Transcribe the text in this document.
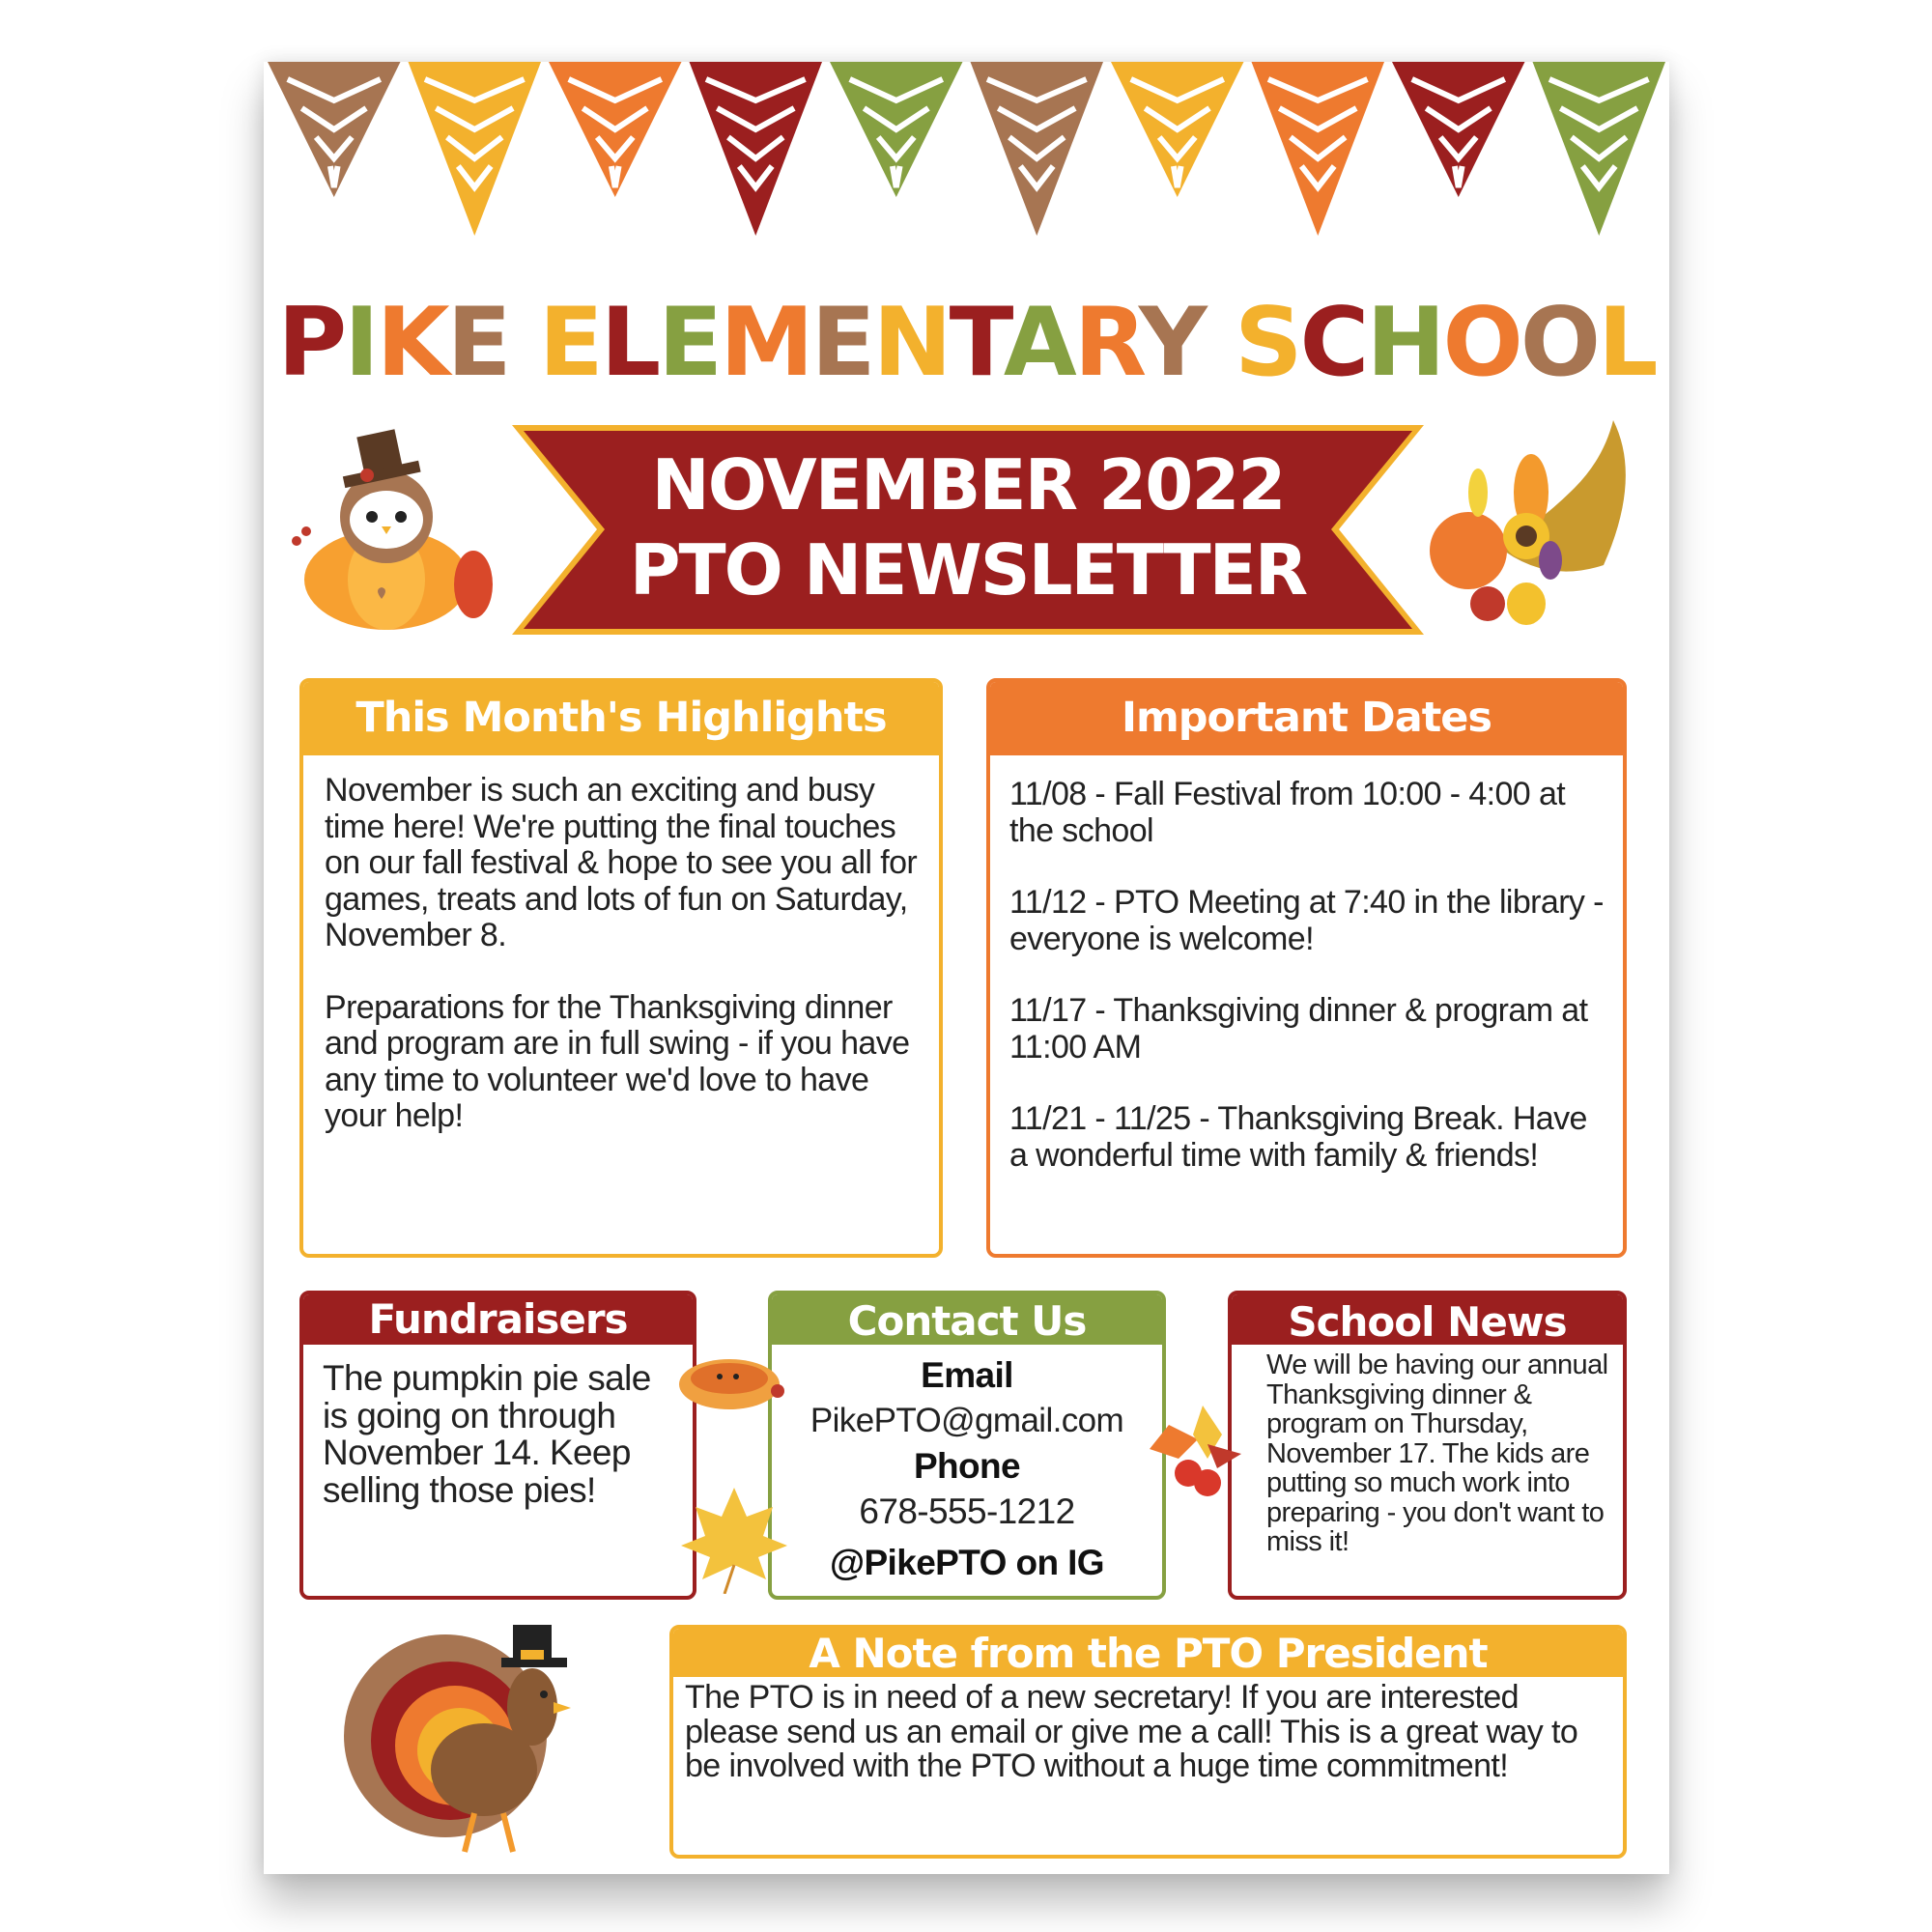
PIKE ELEMENTARY SCHOOL
NOVEMBER 2022
PTO NEWSLETTER
This Month's Highlights

November is such an exciting and busy time here! We're putting the final touches on our fall festival & hope to see you all for games, treats and lots of fun on Saturday, November 8.

Preparations for the Thanksgiving dinner and program are in full swing - if you have any time to volunteer we'd love to have your help!

Important Dates

11/08 - Fall Festival from 10:00 - 4:00 at the school

11/12 - PTO Meeting at 7:40 in the library - everyone is welcome!

11/17 - Thanksgiving dinner & program at 11:00 AM

11/21 - 11/25 - Thanksgiving Break. Have a wonderful time with family & friends!

Fundraisers
The pumpkin pie sale is going on through November 14. Keep selling those pies!
Contact Us
Email
PikePTO@gmail.com
Phone
678-555-1212
@PikePTO on IG
School News
We will be having our annual Thanksgiving dinner & program on Thursday, November 17. The kids are putting so much work into preparing - you don't want to miss it!
A Note from the PTO President
The PTO is in need of a new secretary! If you are interested please send us an email or give me a call! This is a great way to be involved with the PTO without a huge time commitment!
